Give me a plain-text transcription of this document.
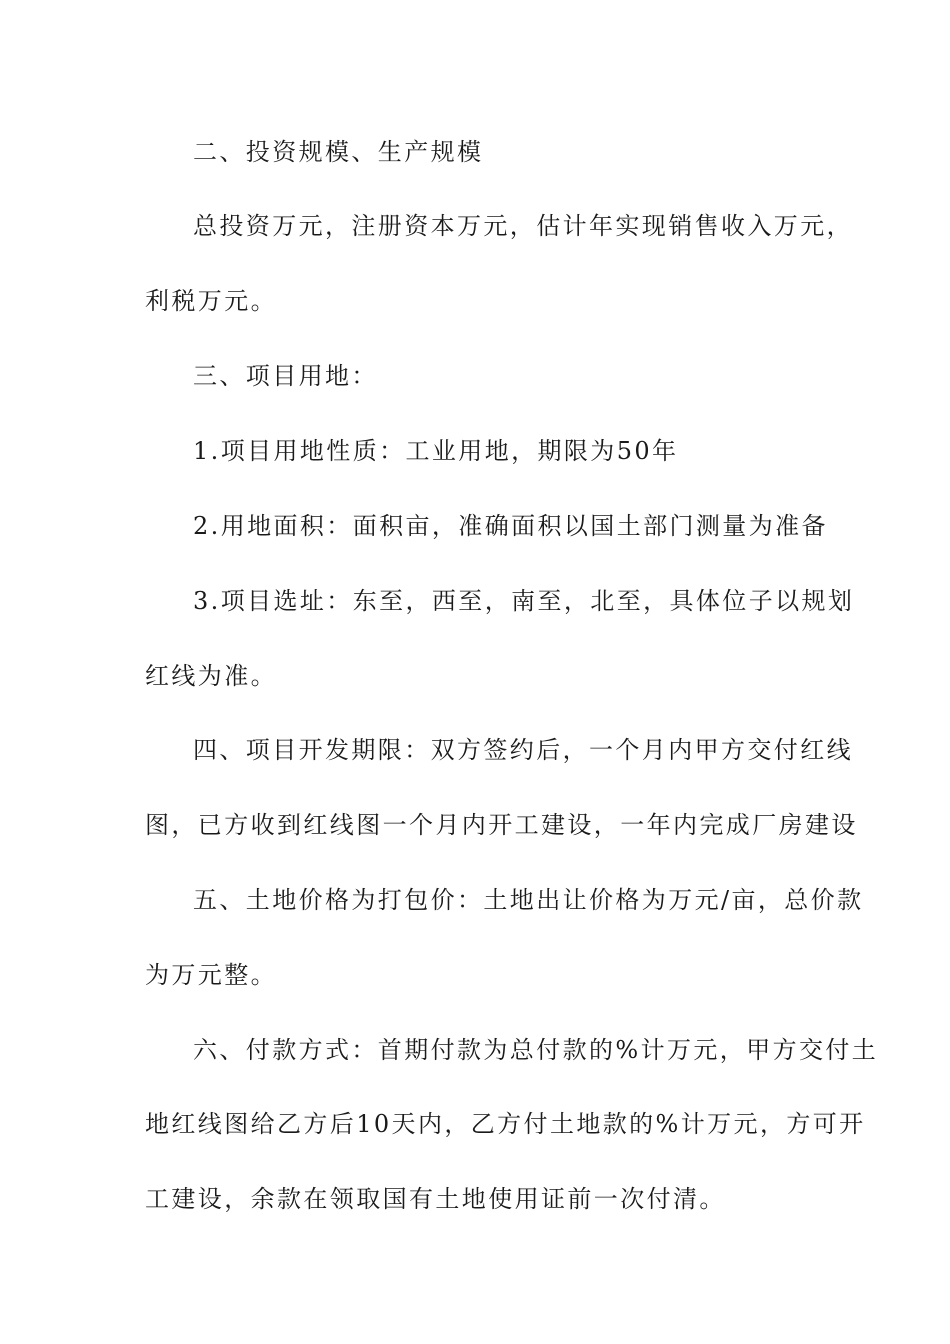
二、投资规模、生产规模
总投资万元，注册资本万元，估计年实现销售收入万元，
利税万元。
三、项目用地：
1.项目用地性质：工业用地，期限为50年
2.用地面积：面积亩，准确面积以国土部门测量为准备
3.项目选址：东至，西至，南至，北至，具体位子以规划
红线为准。
四、项目开发期限：双方签约后，一个月内甲方交付红线
图，已方收到红线图一个月内开工建设，一年内完成厂房建设
五、土地价格为打包价：土地出让价格为万元/亩，总价款
为万元整。
六、付款方式：首期付款为总付款的%计万元，甲方交付土
地红线图给乙方后10天内，乙方付土地款的%计万元，方可开
工建设，余款在领取国有土地使用证前一次付清。
